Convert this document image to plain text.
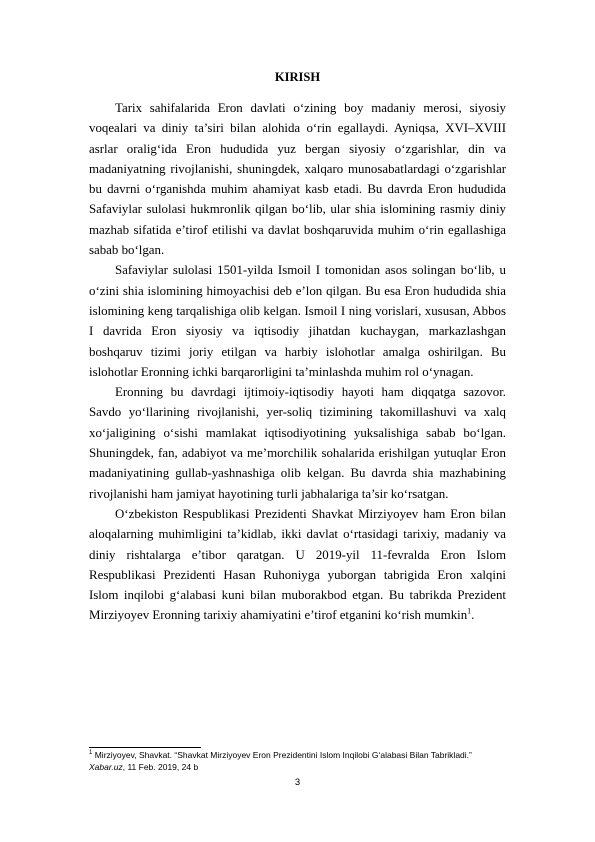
KIRISH

Tarix sahifalarida Eron davlati o‘zining boy madaniy merosi, siyosiy voqealari va diniy ta’siri bilan alohida o‘rin egallaydi. Ayniqsa, XVI–XVIII asrlar oralig‘ida Eron hududida yuz bergan siyosiy o‘zgarishlar, din va madaniyatning rivojlanishi, shuningdek, xalqaro munosabatlardagi o‘zgarishlar bu davrni o‘rganishda muhim ahamiyat kasb etadi. Bu davrda Eron hududida Safaviylar sulolasi hukmronlik qilgan bo‘lib, ular shia islomining rasmiy diniy mazhab sifatida e’tirof etilishi va davlat boshqaruvida muhim o‘rin egallashiga sabab bo‘lgan.

Safaviylar sulolasi 1501-yilda Ismoil I tomonidan asos solingan bo‘lib, u o‘zini shia islomining himoyachisi deb e’lon qilgan. Bu esa Eron hududida shia islomining keng tarqalishiga olib kelgan. Ismoil I ning vorislari, xususan, Abbos I davrida Eron siyosiy va iqtisodiy jihatdan kuchaygan, markazlashgan boshqaruv tizimi joriy etilgan va harbiy islohotlar amalga oshirilgan. Bu islohotlar Eronning ichki barqarorligini ta’minlashda muhim rol o‘ynagan.

Eronning bu davrdagi ijtimoiy-iqtisodiy hayoti ham diqqatga sazovor. Savdo yo‘llarining rivojlanishi, yer-soliq tizimining takomillashuvi va xalq xo‘jaligining o‘sishi mamlakat iqtisodiyotining yuksalishiga sabab bo‘lgan. Shuningdek, fan, adabiyot va me’morchilik sohalarida erishilgan yutuqlar Eron madaniyatining gullab-yashnashiga olib kelgan. Bu davrda shia mazhabining rivojlanishi ham jamiyat hayotining turli jabhalariga ta’sir ko‘rsatgan.

O‘zbekiston Respublikasi Prezidenti Shavkat Mirziyoyev ham Eron bilan aloqalarning muhimligini ta’kidlab, ikki davlat o‘rtasidagi tarixiy, madaniy va diniy rishtalarga e’tibor qaratgan. U 2019-yil 11-fevralda Eron Islom Respublikasi Prezidenti Hasan Ruhoniyga yuborgan tabrigida Eron xalqini Islom inqilobi g‘alabasi kuni bilan muborakbod etgan. Bu tabrikda Prezident Mirziyoyev Eronning tarixiy ahamiyatini e’tirof etganini ko‘rish mumkin$^1$.

$^1$ Mirziyoyev, Shavkat. “Shavkat Mirziyoyev Eron Prezidentini Islom Inqilobi G‘alabasi Bilan Tabrikladi.” Xabar.uz, 11 Feb. 2019, 24 b
3
